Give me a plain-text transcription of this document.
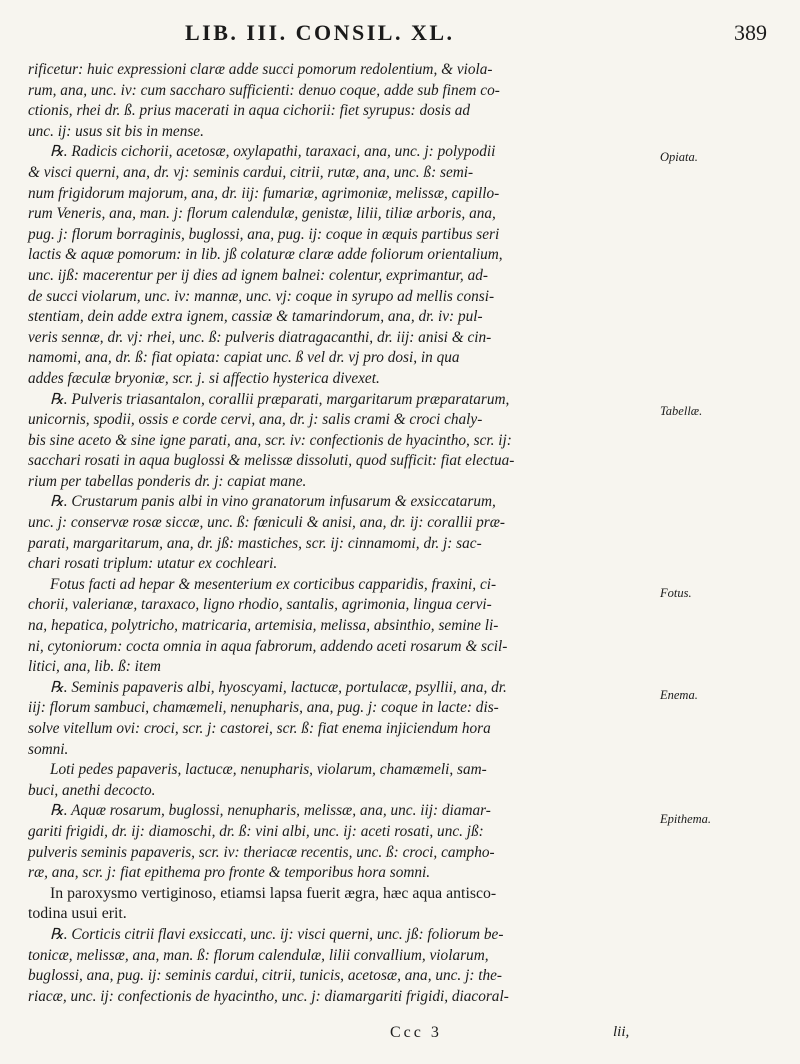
LIB. III. CONSIL. XL.	389
rificetur: huic expressioni claræ adde succi pomorum redolentium, & viola-
rum, ana, unc. iv: cum saccharo sufficienti: denuo coque, adde sub finem co-
ctionis, rhei dr. ß. prius macerati in aqua cichorii: fiet syrupus: dosis ad
unc. ij: usus sit bis in mense.
℞. Radicis cichorii, acetosæ, oxylapathi, taraxaci, ana, unc. j: polypodii
& visci querni, ana, dr. vj: seminis cardui, citrii, rutæ, ana, unc. ß: semi-
num frigidorum majorum, ana, dr. iij: fumariæ, agrimoniæ, melissæ, capillo-
rum Veneris, ana, man. j: florum calendulæ, genistæ, lilii, tiliæ arboris, ana,
pug. j: florum borraginis, buglossi, ana, pug. ij: coque in æquis partibus seri
lactis & aquæ pomorum: in lib. jß colaturæ claræ adde foliorum orientalium,
unc. ijß: macerentur per ij dies ad ignem balnei: colentur, exprimantur, ad-
de succi violarum, unc. iv: mannæ, unc. vj: coque in syrupo ad mellis consi-
stentiam, dein adde extra ignem, cassiæ & tamarindorum, ana, dr. iv: pul-
veris sennæ, dr. vj: rhei, unc. ß: pulveris diatragacanthi, dr. iij: anisi & cin-
namomi, ana, dr. ß: fiat opiata: capiat unc. ß vel dr. vj pro dosi, in qua
addes fæculæ bryoniæ, scr. j. si affectio hysterica divexet.
℞. Pulveris triasantalon, corallii præparati, margaritarum præparatarum,
unicornis, spodii, ossis e corde cervi, ana, dr. j: salis crami & croci chaly-
bis sine aceto & sine igne parati, ana, scr. iv: confectionis de hyacintho, scr. ij:
sacchari rosati in aqua buglossi & melissæ dissoluti, quod sufficit: fiat electua-
rium per tabellas ponderis dr. j: capiat mane.
℞. Crustarum panis albi in vino granatorum infusarum & exsiccatarum,
unc. j: conservæ rosæ siccæ, unc. ß: fœniculi & anisi, ana, dr. ij: corallii præ-
parati, margaritarum, ana, dr. jß: mastiches, scr. ij: cinnamomi, dr. j: sac-
chari rosati triplum: utatur ex cochleari.
Fotus facti ad hepar & mesenterium ex corticibus capparidis, fraxini, ci-
chorii, valerianæ, taraxaco, ligno rhodio, santalis, agrimonia, lingua cervi-
na, hepatica, polytricho, matricaria, artemisia, melissa, absinthio, semine li-
ni, cytoniorum: cocta omnia in aqua fabrorum, addendo aceti rosarum & scil-
litici, ana, lib. ß: item
℞. Seminis papaveris albi, hyoscyami, lactucæ, portulacæ, psyllii, ana, dr.
iij: florum sambuci, chamæmeli, nenupharis, ana, pug. j: coque in lacte: dis-
solve vitellum ovi: croci, scr. j: castorei, scr. ß: fiat enema injiciendum hora
somni.
Loti pedes papaveris, lactucæ, nenupharis, violarum, chamæmeli, sam-
buci, anethi decocto.
℞. Aquæ rosarum, buglossi, nenupharis, melissæ, ana, unc. iij: diamar-
gariti frigidi, dr. ij: diamoschi, dr. ß: vini albi, unc. ij: aceti rosati, unc. jß:
pulveris seminis papaveris, scr. iv: theriacæ recentis, unc. ß: croci, campho-
ræ, ana, scr. j: fiat epithema pro fronte & temporibus hora somni.
In paroxysmo vertiginoso, etiamsi lapsa fuerit ægra, hæc aqua antisco-
todina usui erit.
℞. Corticis citrii flavi exsiccati, unc. ij: visci querni, unc. jß: foliorum be-
tonicæ, melissæ, ana, man. ß: florum calendulæ, lilii convallium, violarum,
buglossi, ana, pug. ij: seminis cardui, citrii, tunicis, acetosæ, ana, unc. j: the-
riacæ, unc. ij: confectionis de hyacintho, unc. j: diamargariti frigidi, diacoral-
Opiata.
Tabellæ.
Fotus.
Enema.
Epithema.
Ccc 3	lii,
